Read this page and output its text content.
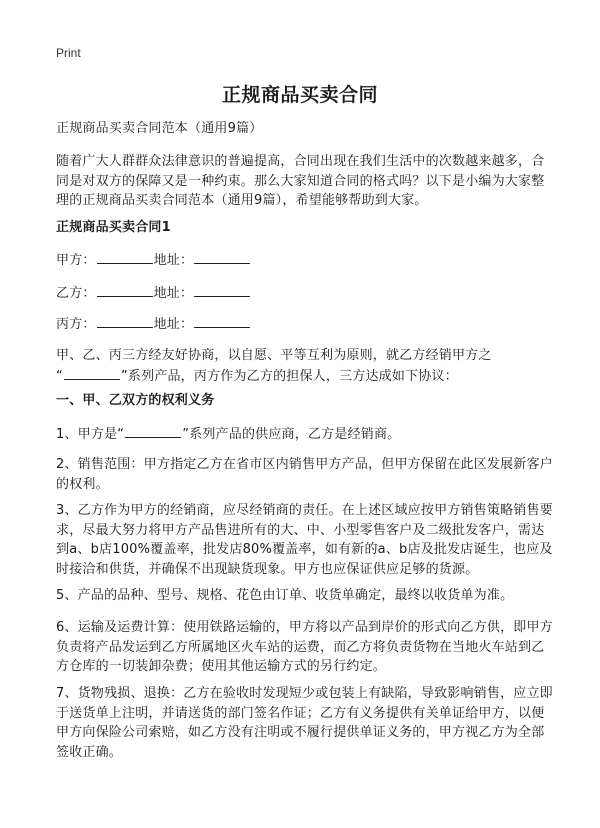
Print
正规商品买卖合同

正规商品买卖合同范本（通用9篇）

随着广大人群群众法律意识的普遍提高，合同出现在我们生活中的次数越来越多，合同是对双方的保障又是一种约束。那么大家知道合同的格式吗？以下是小编为大家整理的正规商品买卖合同范本（通用9篇），希望能够帮助到大家。

正规商品买卖合同1

甲方：	地址：

乙方：	地址：

丙方：	地址：

甲、乙、丙三方经友好协商，以自愿、平等互利为原则，就乙方经销甲方之
“	”系列产品，丙方作为乙方的担保人，三方达成如下协议：

一、甲、乙双方的权利义务

1、甲方是“	”系列产品的供应商，乙方是经销商。

2、销售范围：甲方指定乙方在省市区内销售甲方产品，但甲方保留在此区发展新客户的权利。

3、乙方作为甲方的经销商，应尽经销商的责任。在上述区域应按甲方销售策略销售要求，尽最大努力将甲方产品售进所有的大、中、小型零售客户及二级批发客户，需达到a、b店100%覆盖率，批发店80%覆盖率，如有新的a、b店及批发店诞生，也应及时接洽和供货，并确保不出现缺货现象。甲方也应保证供应足够的货源。

5、产品的品种、型号、规格、花色由订单、收货单确定，最终以收货单为准。

6、运输及运费计算：使用铁路运输的，甲方将以产品到岸价的形式向乙方供，即甲方负责将产品发运到乙方所属地区火车站的运费，而乙方将负责货物在当地火车站到乙方仓库的一切装卸杂费；使用其他运输方式的另行约定。

7、货物残损、退换：乙方在验收时发现短少或包装上有缺陷，导致影响销售，应立即于送货单上注明，并请送货的部门签名作证；乙方有义务提供有关单证给甲方，以便甲方向保险公司索赔，如乙方没有注明或不履行提供单证义务的，甲方视乙方为全部签收正确。
